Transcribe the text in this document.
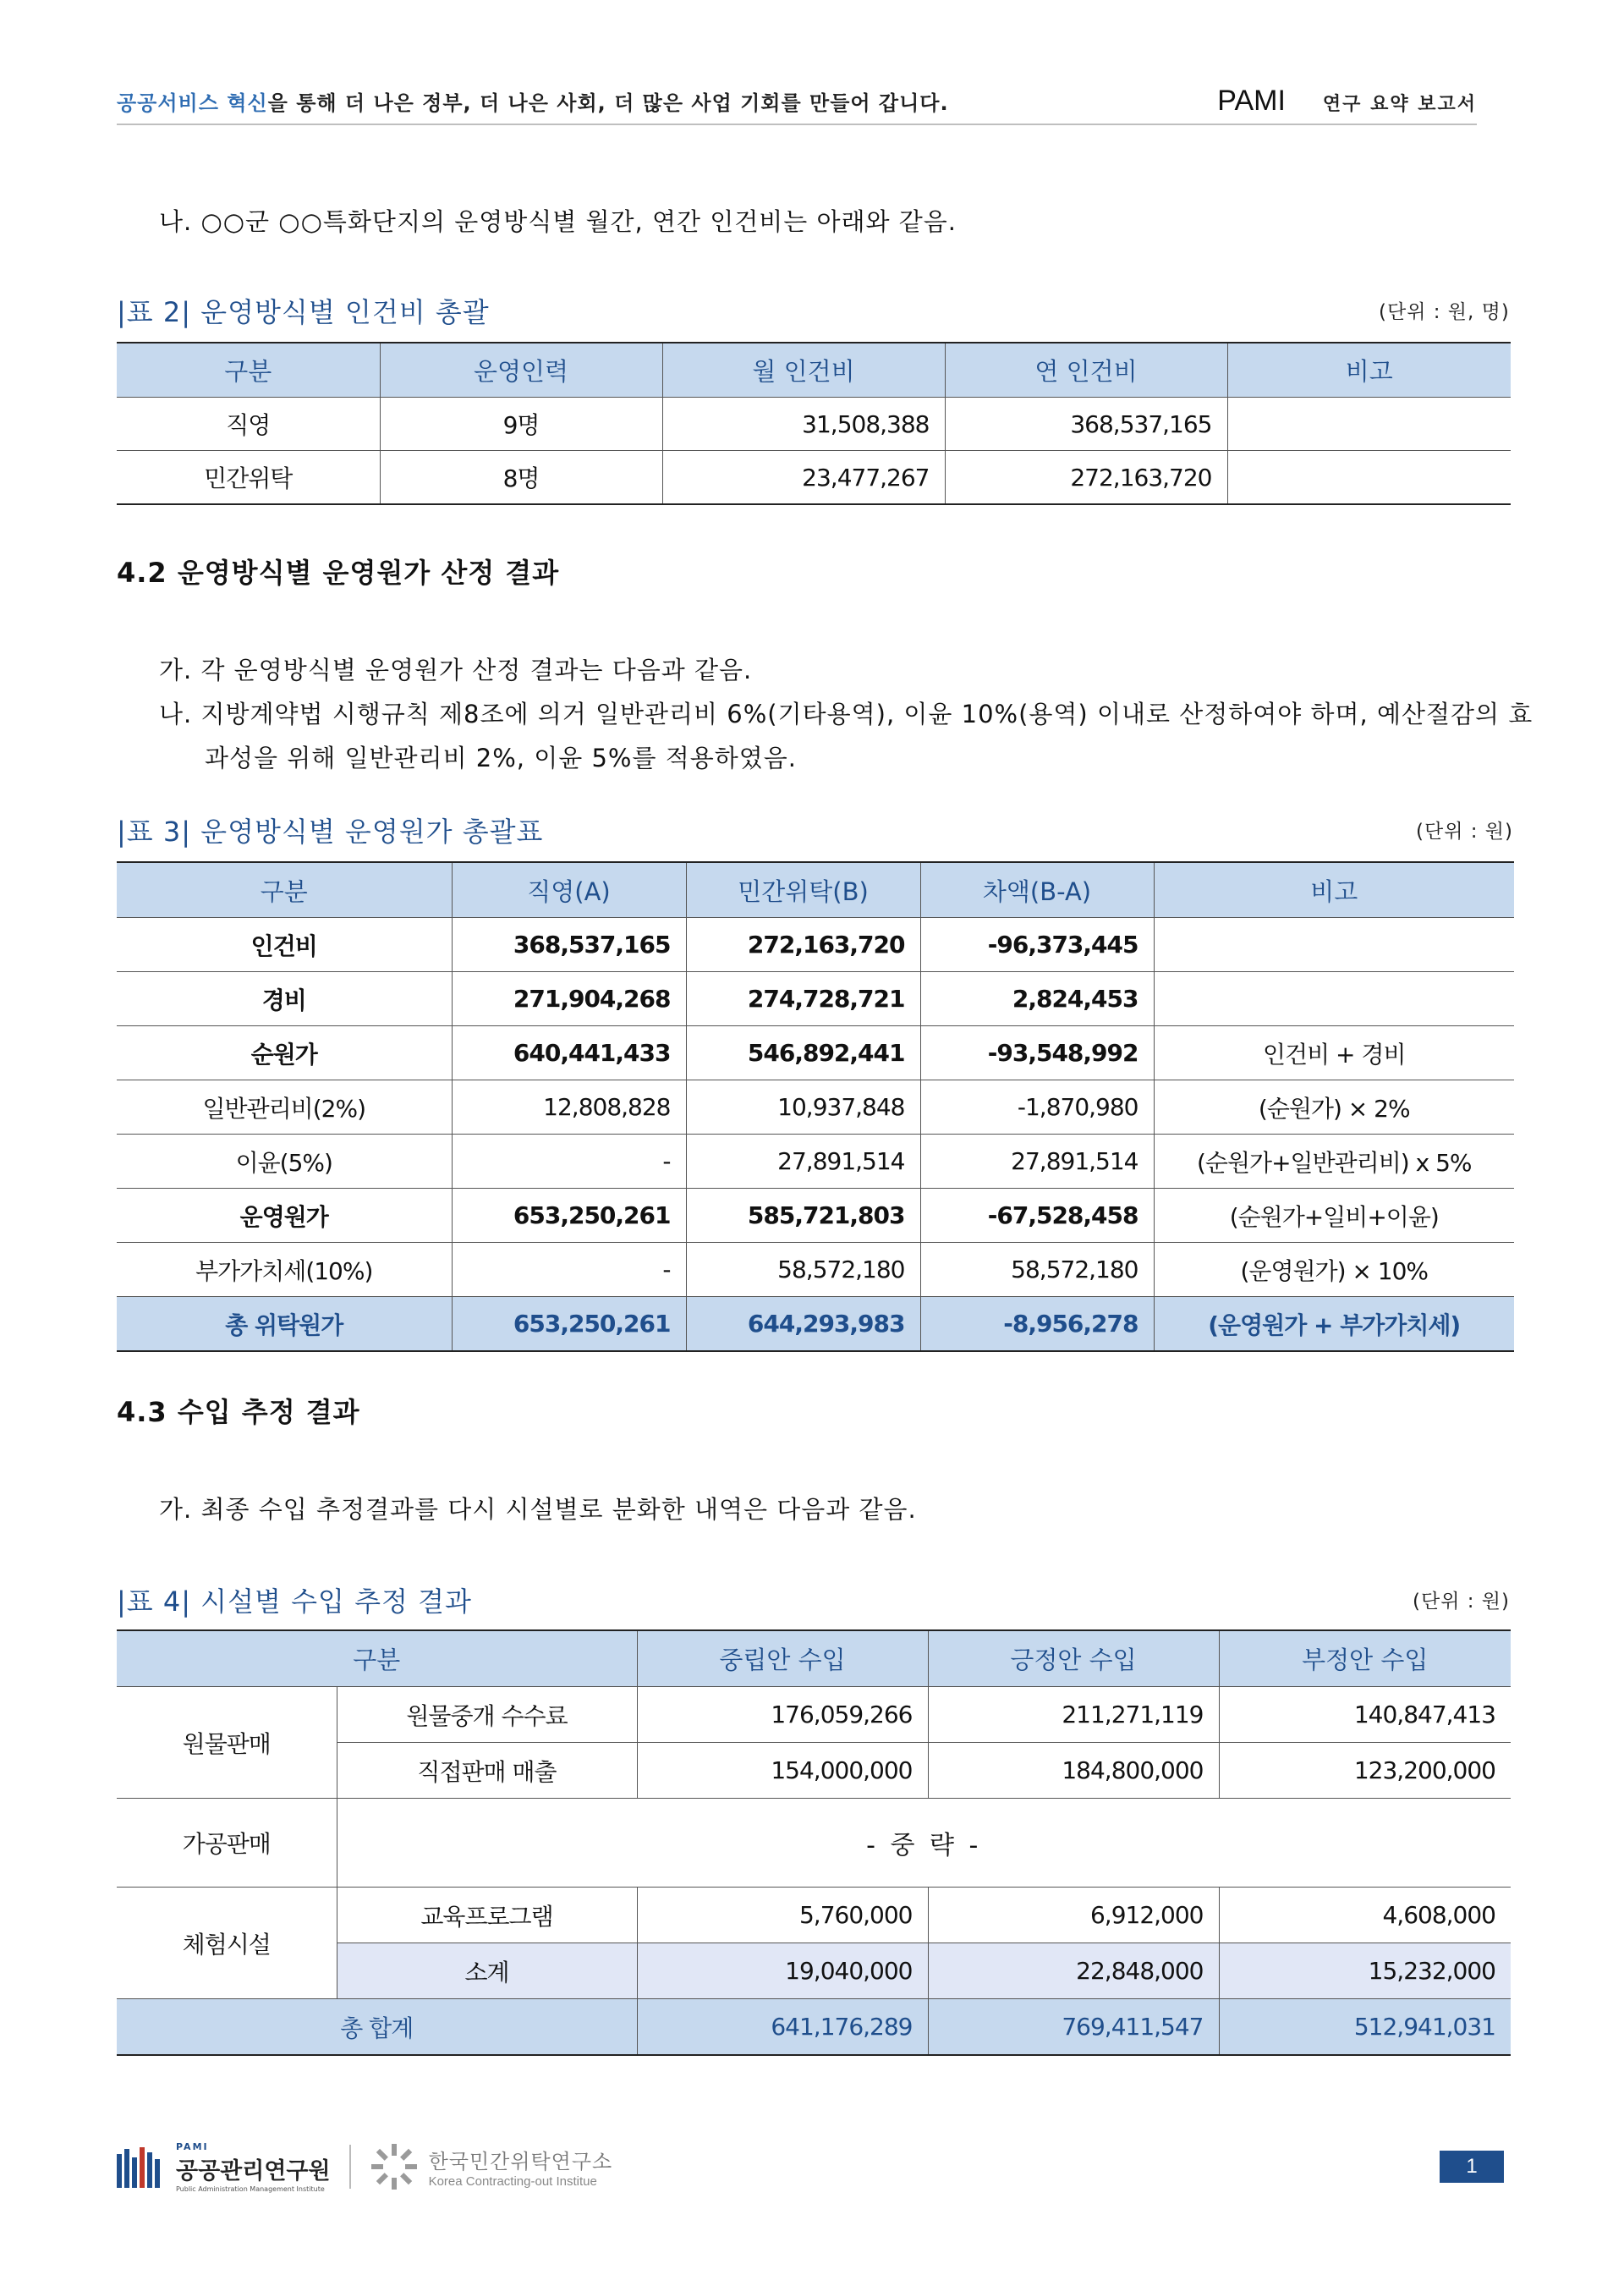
공공서비스 혁신을 통해 더 나은 정부, 더 나은 사회, 더 많은 사업 기회를 만들어 갑니다.	PAMI 연구 요약 보고서
나. ○○군 ○○특화단지의 운영방식별 월간, 연간 인건비는 아래와 같음.
|표 2| 운영방식별 인건비 총괄	(단위 : 원, 명)
구분	운영인력	월 인건비	연 인건비	비고
직영	9명	31,508,388	368,537,165	
민간위탁	8명	23,477,267	272,163,720	
4.2 운영방식별 운영원가 산정 결과
가. 각 운영방식별 운영원가 산정 결과는 다음과 같음.
나. 지방계약법 시행규칙 제8조에 의거 일반관리비 6%(기타용역), 이윤 10%(용역) 이내로 산정하여야 하며, 예산절감의 효
과성을 위해 일반관리비 2%, 이윤 5%를 적용하였음.
|표 3| 운영방식별 운영원가 총괄표	(단위 : 원)
구분	직영(A)	민간위탁(B)	차액(B-A)	비고
인건비	368,537,165	272,163,720	-96,373,445	
경비	271,904,268	274,728,721	2,824,453	
순원가	640,441,433	546,892,441	-93,548,992	인건비 + 경비
일반관리비(2%)	12,808,828	10,937,848	-1,870,980	(순원가) × 2%
이윤(5%)	-	27,891,514	27,891,514	(순원가+일반관리비) x 5%
운영원가	653,250,261	585,721,803	-67,528,458	(순원가+일비+이윤)
부가가치세(10%)	-	58,572,180	58,572,180	(운영원가) × 10%
총 위탁원가	653,250,261	644,293,983	-8,956,278	(운영원가 + 부가가치세)
4.3 수입 추정 결과
가. 최종 수입 추정결과를 다시 시설별로 분화한 내역은 다음과 같음.
|표 4| 시설별 수입 추정 결과	(단위 : 원)
구분		중립안 수입	긍정안 수입	부정안 수입
원물판매	원물중개 수수료	176,059,266	211,271,119	140,847,413
	직접판매 매출	154,000,000	184,800,000	123,200,000
가공판매	- 중 략 -			
체험시설	교육프로그램	5,760,000	6,912,000	4,608,000
	소계	19,040,000	22,848,000	15,232,000
총 합계		641,176,289	769,411,547	512,941,031
PAMI
공공관리연구원
Public Administration Management Institute
한국민간위탁연구소
Korea Contracting-out Institue
1
